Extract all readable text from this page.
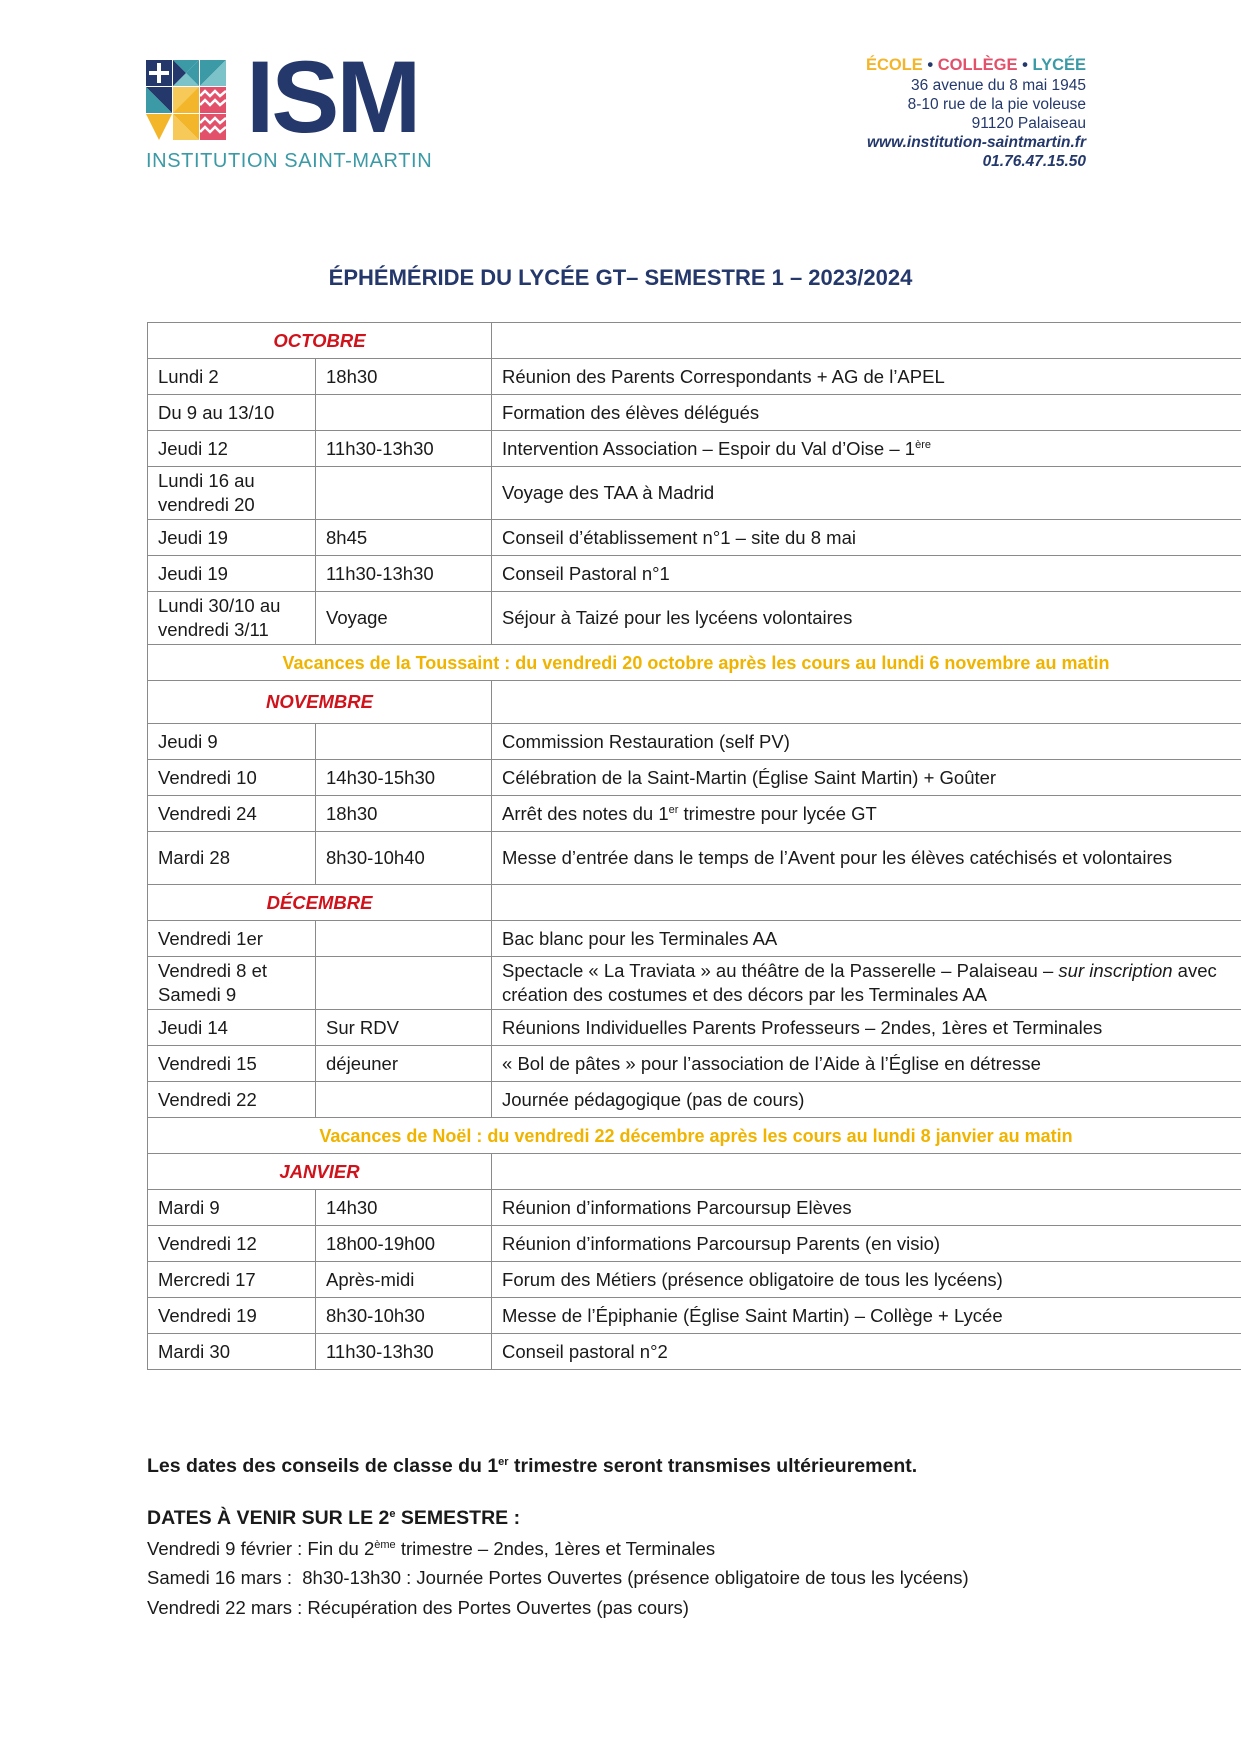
ISM
INSTITUTION SAINT-MARTIN
ÉCOLE • COLLÈGE • LYCÉE
36 avenue du 8 mai 1945
8-10 rue de la pie voleuse
91120 Palaiseau
www.institution-saintmartin.fr
01.76.47.15.50
ÉPHÉMÉRIDE DU LYCÉE GT– SEMESTRE 1 – 2023/2024
OCTOBRE		
Lundi 2	18h30	Réunion des Parents Correspondants + AG de l’APEL
Du 9 au 13/10		Formation des élèves délégués
Jeudi 12	11h30-13h30	Intervention Association – Espoir du Val d’Oise – 1ère
Lundi 16 au vendredi 20		Voyage des TAA à Madrid
Jeudi 19	8h45	Conseil d’établissement n°1 – site du 8 mai
Jeudi 19	11h30-13h30	Conseil Pastoral n°1
Lundi 30/10 au vendredi 3/11	Voyage	Séjour à Taizé pour les lycéens volontaires
Vacances de la Toussaint : du vendredi 20 octobre après les cours au lundi 6 novembre au matin		
NOVEMBRE		
Jeudi 9		Commission Restauration (self PV)
Vendredi 10	14h30-15h30	Célébration de la Saint-Martin (Église Saint Martin) + Goûter
Vendredi 24	18h30	Arrêt des notes du 1er trimestre pour lycée GT
Mardi 28	8h30-10h40	Messe d’entrée dans le temps de l’Avent pour les élèves catéchisés et volontaires
DÉCEMBRE		
Vendredi 1er		Bac blanc pour les Terminales AA
Vendredi 8 et Samedi 9		Spectacle « La Traviata » au théâtre de la Passerelle – Palaiseau – sur inscription avec création des costumes et des décors par les Terminales AA
Jeudi 14	Sur RDV	Réunions Individuelles Parents Professeurs – 2ndes, 1ères et Terminales
Vendredi 15	déjeuner	« Bol de pâtes » pour l’association de l’Aide à l’Église en détresse
Vendredi 22		Journée pédagogique (pas de cours)
Vacances de Noël : du vendredi 22 décembre après les cours au lundi 8 janvier au matin		
JANVIER		
Mardi 9	14h30	Réunion d’informations Parcoursup Elèves
Vendredi 12	18h00-19h00	Réunion d’informations Parcoursup Parents (en visio)
Mercredi 17	Après-midi	Forum des Métiers (présence obligatoire de tous les lycéens)
Vendredi 19	8h30-10h30	Messe de l’Épiphanie (Église Saint Martin) – Collège + Lycée
Mardi 30	11h30-13h30	Conseil pastoral n°2
Les dates des conseils de classe du 1er trimestre seront transmises ultérieurement.
DATES À VENIR SUR LE 2e SEMESTRE :
Vendredi 9 février : Fin du 2ème trimestre – 2ndes, 1ères et Terminales
Samedi 16 mars :  8h30-13h30 : Journée Portes Ouvertes (présence obligatoire de tous les lycéens)
Vendredi 22 mars : Récupération des Portes Ouvertes (pas cours)
